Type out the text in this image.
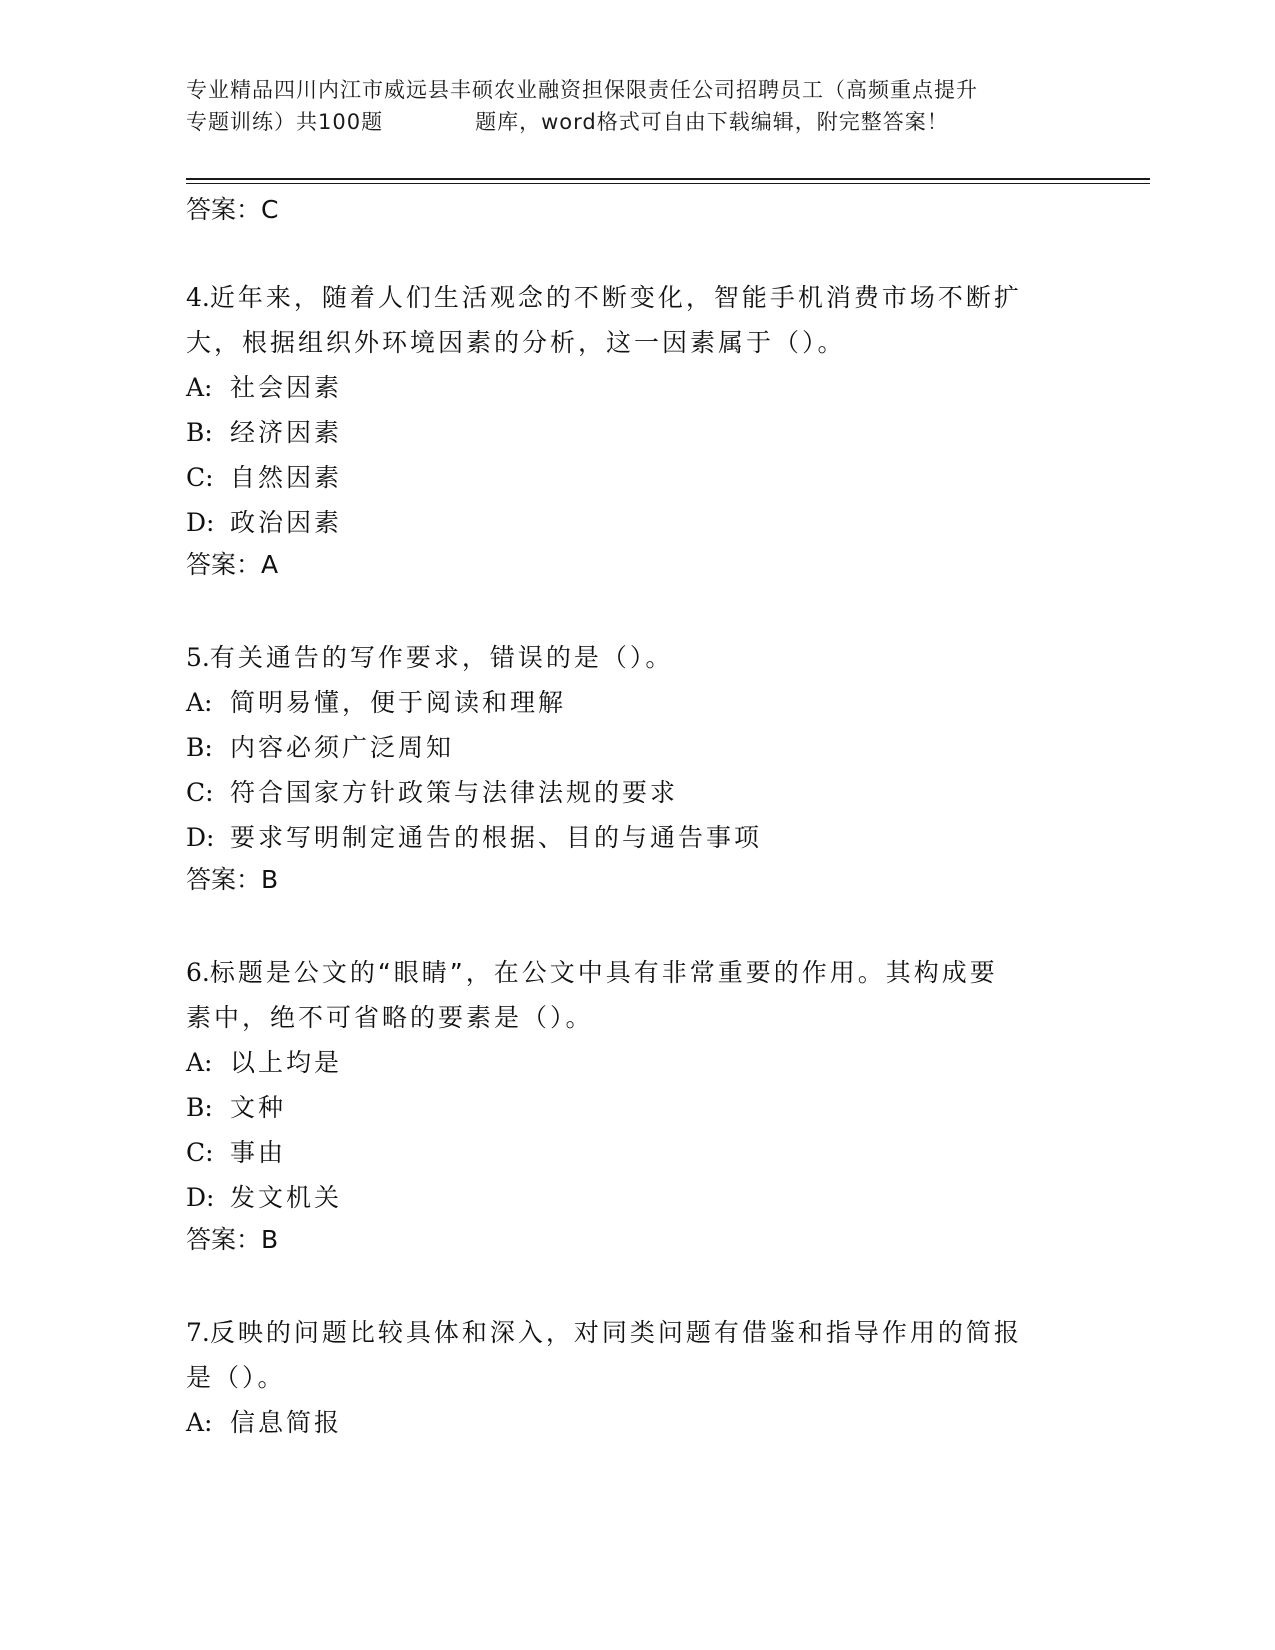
专业精品四川内江市威远县丰硕农业融资担保限责任公司招聘员工（高频重点提升
专题训练）共100题	题库，word格式可自由下载编辑，附完整答案！

答案：C

4.近年来，随着人们生活观念的不断变化，智能手机消费市场不断扩

大，根据组织外环境因素的分析，这一因素属于（）。

A: 社会因素

B: 经济因素

C: 自然因素

D: 政治因素

答案：A

5.有关通告的写作要求，错误的是（）。

A: 简明易懂，便于阅读和理解

B: 内容必须广泛周知

C: 符合国家方针政策与法律法规的要求

D: 要求写明制定通告的根据、目的与通告事项

答案：B

6.标题是公文的“眼睛”，在公文中具有非常重要的作用。其构成要

素中，绝不可省略的要素是（）。

A: 以上均是

B: 文种

C: 事由

D: 发文机关

答案：B

7.反映的问题比较具体和深入，对同类问题有借鉴和指导作用的简报

是（）。

A: 信息简报
